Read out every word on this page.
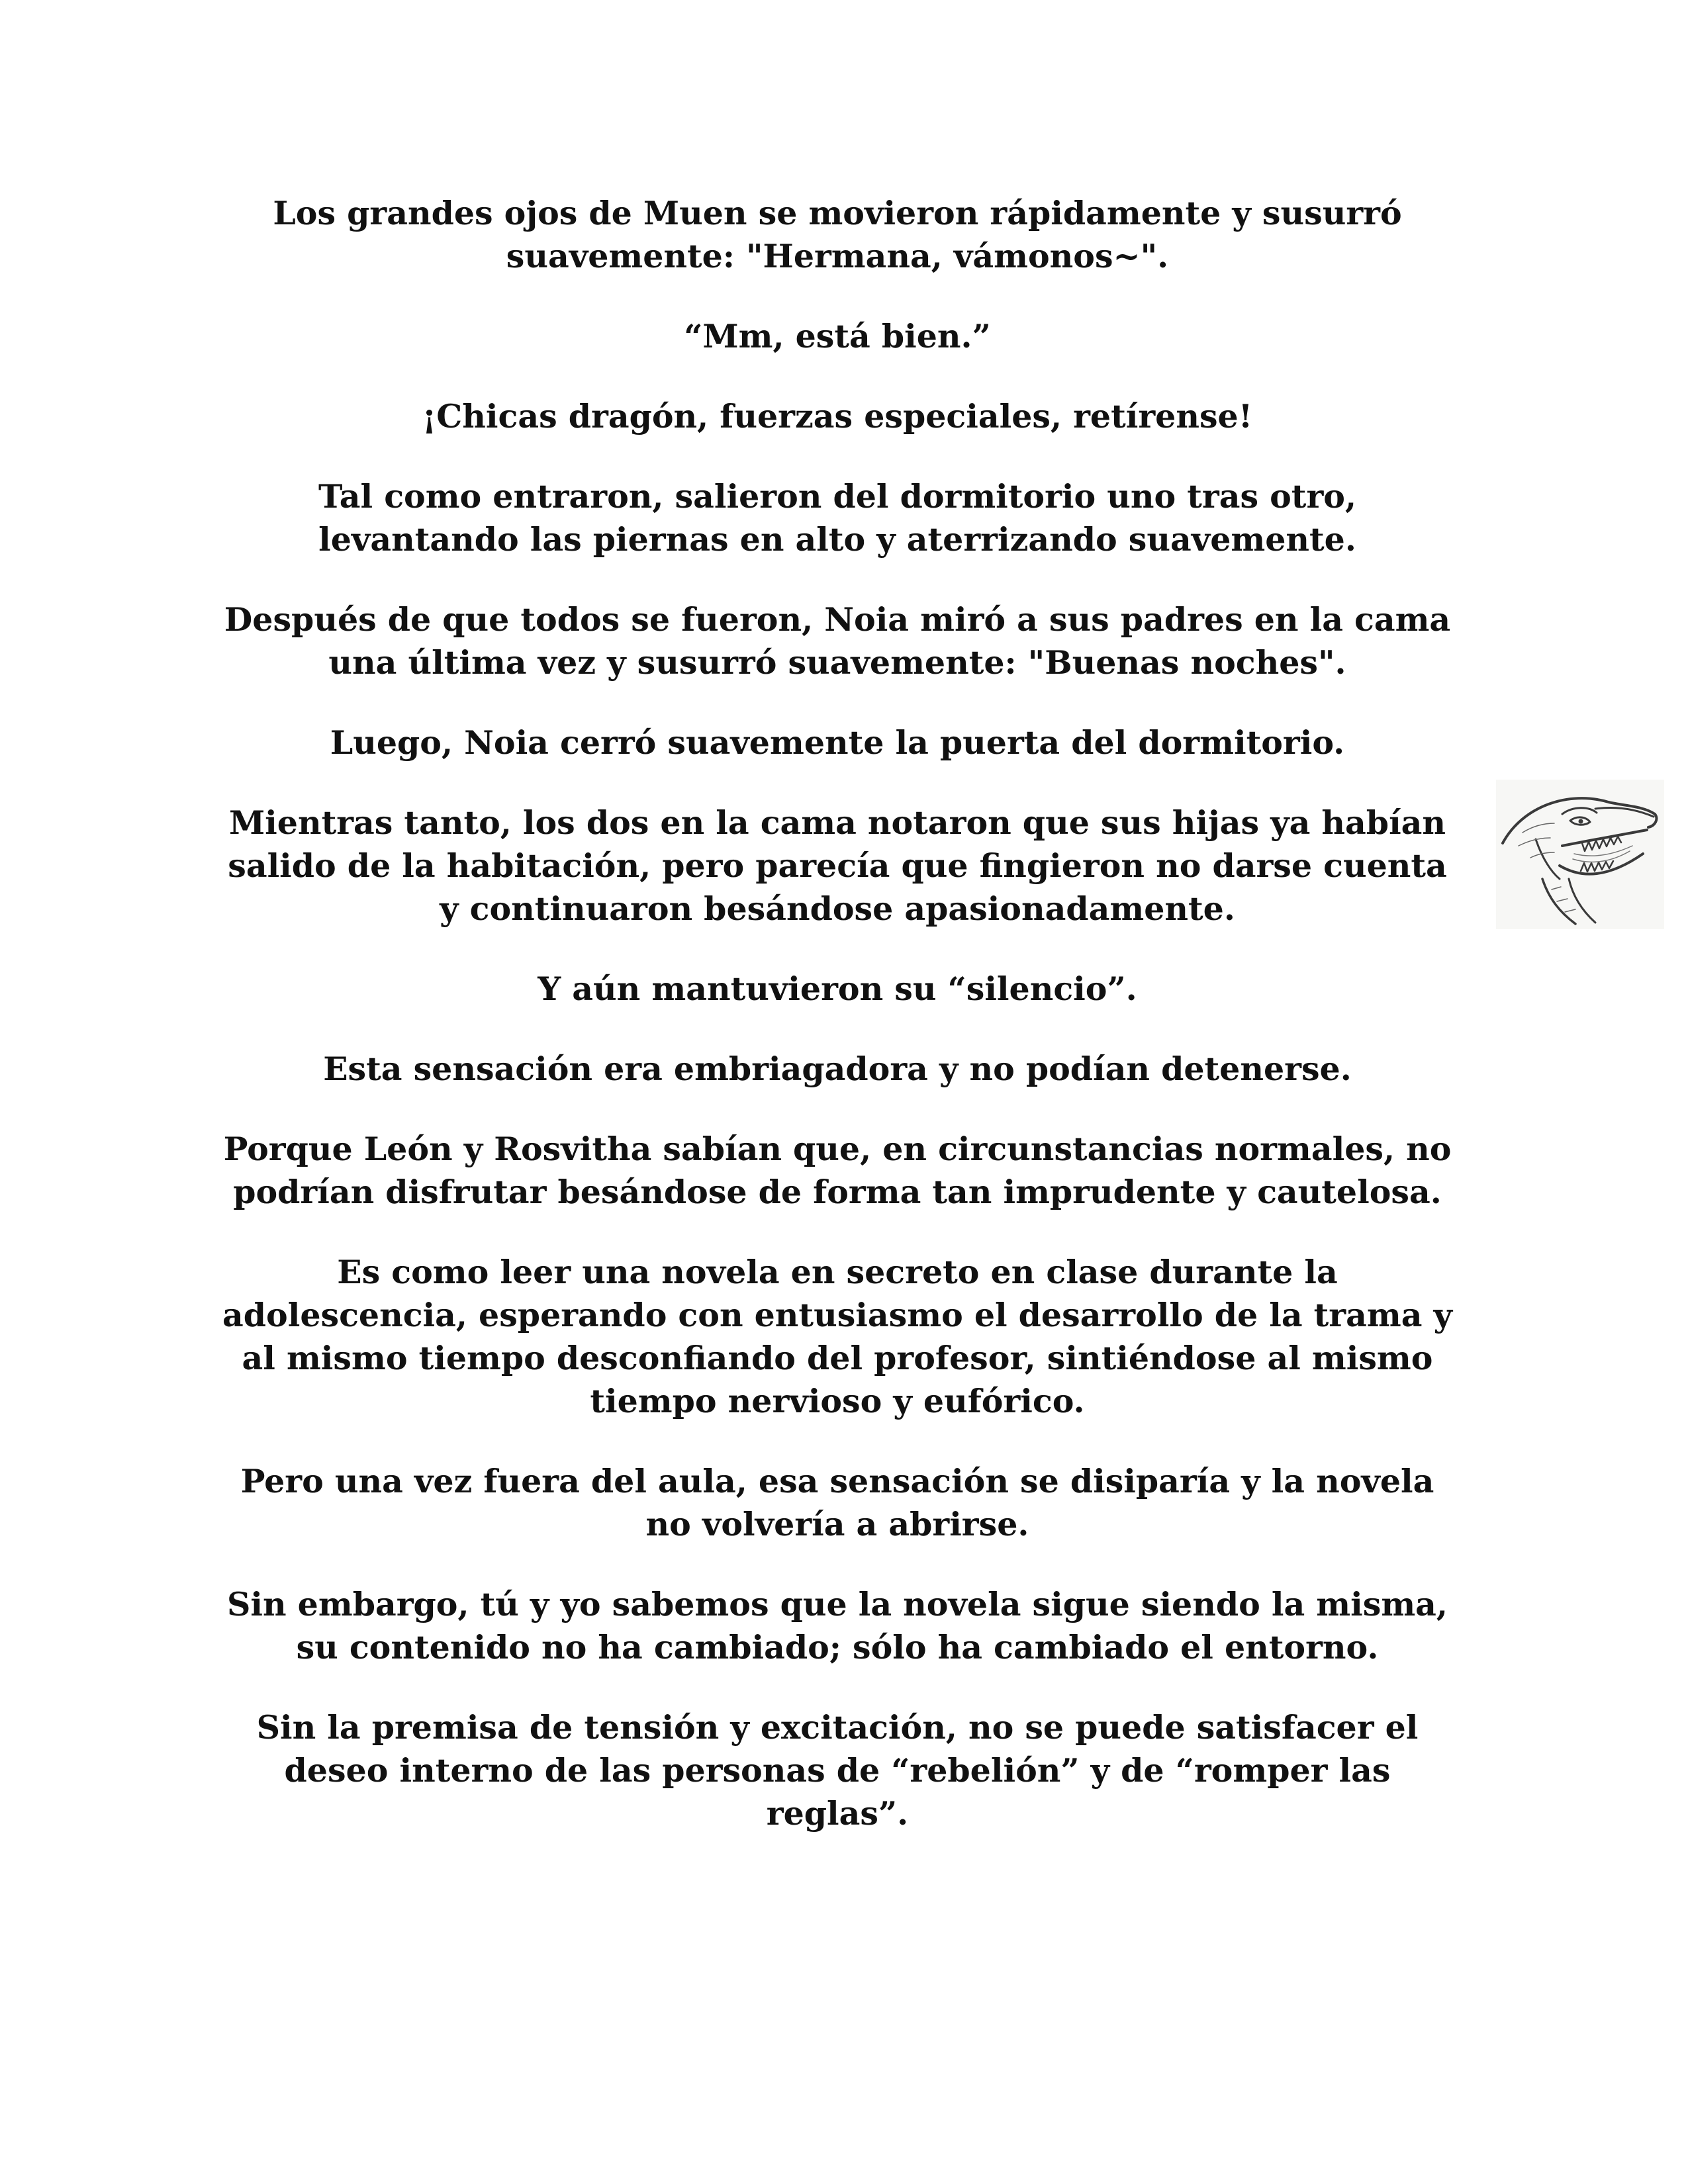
Los grandes ojos de Muen se movieron rápidamente y susurró suavemente: "Hermana, vámonos~".

“Mm, está bien.”

¡Chicas dragón, fuerzas especiales, retírense!

Tal como entraron, salieron del dormitorio uno tras otro, levantando las piernas en alto y aterrizando suavemente.

Después de que todos se fueron, Noia miró a sus padres en la cama una última vez y susurró suavemente: "Buenas noches".

Luego, Noia cerró suavemente la puerta del dormitorio.

Mientras tanto, los dos en la cama notaron que sus hijas ya habían salido de la habitación, pero parecía que fingieron no darse cuenta y continuaron besándose apasionadamente.

Y aún mantuvieron su “silencio”.

Esta sensación era embriagadora y no podían detenerse.

Porque León y Rosvitha sabían que, en circunstancias normales, no podrían disfrutar besándose de forma tan imprudente y cautelosa.

Es como leer una novela en secreto en clase durante la adolescencia, esperando con entusiasmo el desarrollo de la trama y al mismo tiempo desconfiando del profesor, sintiéndose al mismo tiempo nervioso y eufórico.

Pero una vez fuera del aula, esa sensación se disiparía y la novela no volvería a abrirse.

Sin embargo, tú y yo sabemos que la novela sigue siendo la misma, su contenido no ha cambiado; sólo ha cambiado el entorno.

Sin la premisa de tensión y excitación, no se puede satisfacer el deseo interno de las personas de “rebelión” y de “romper las reglas”.
